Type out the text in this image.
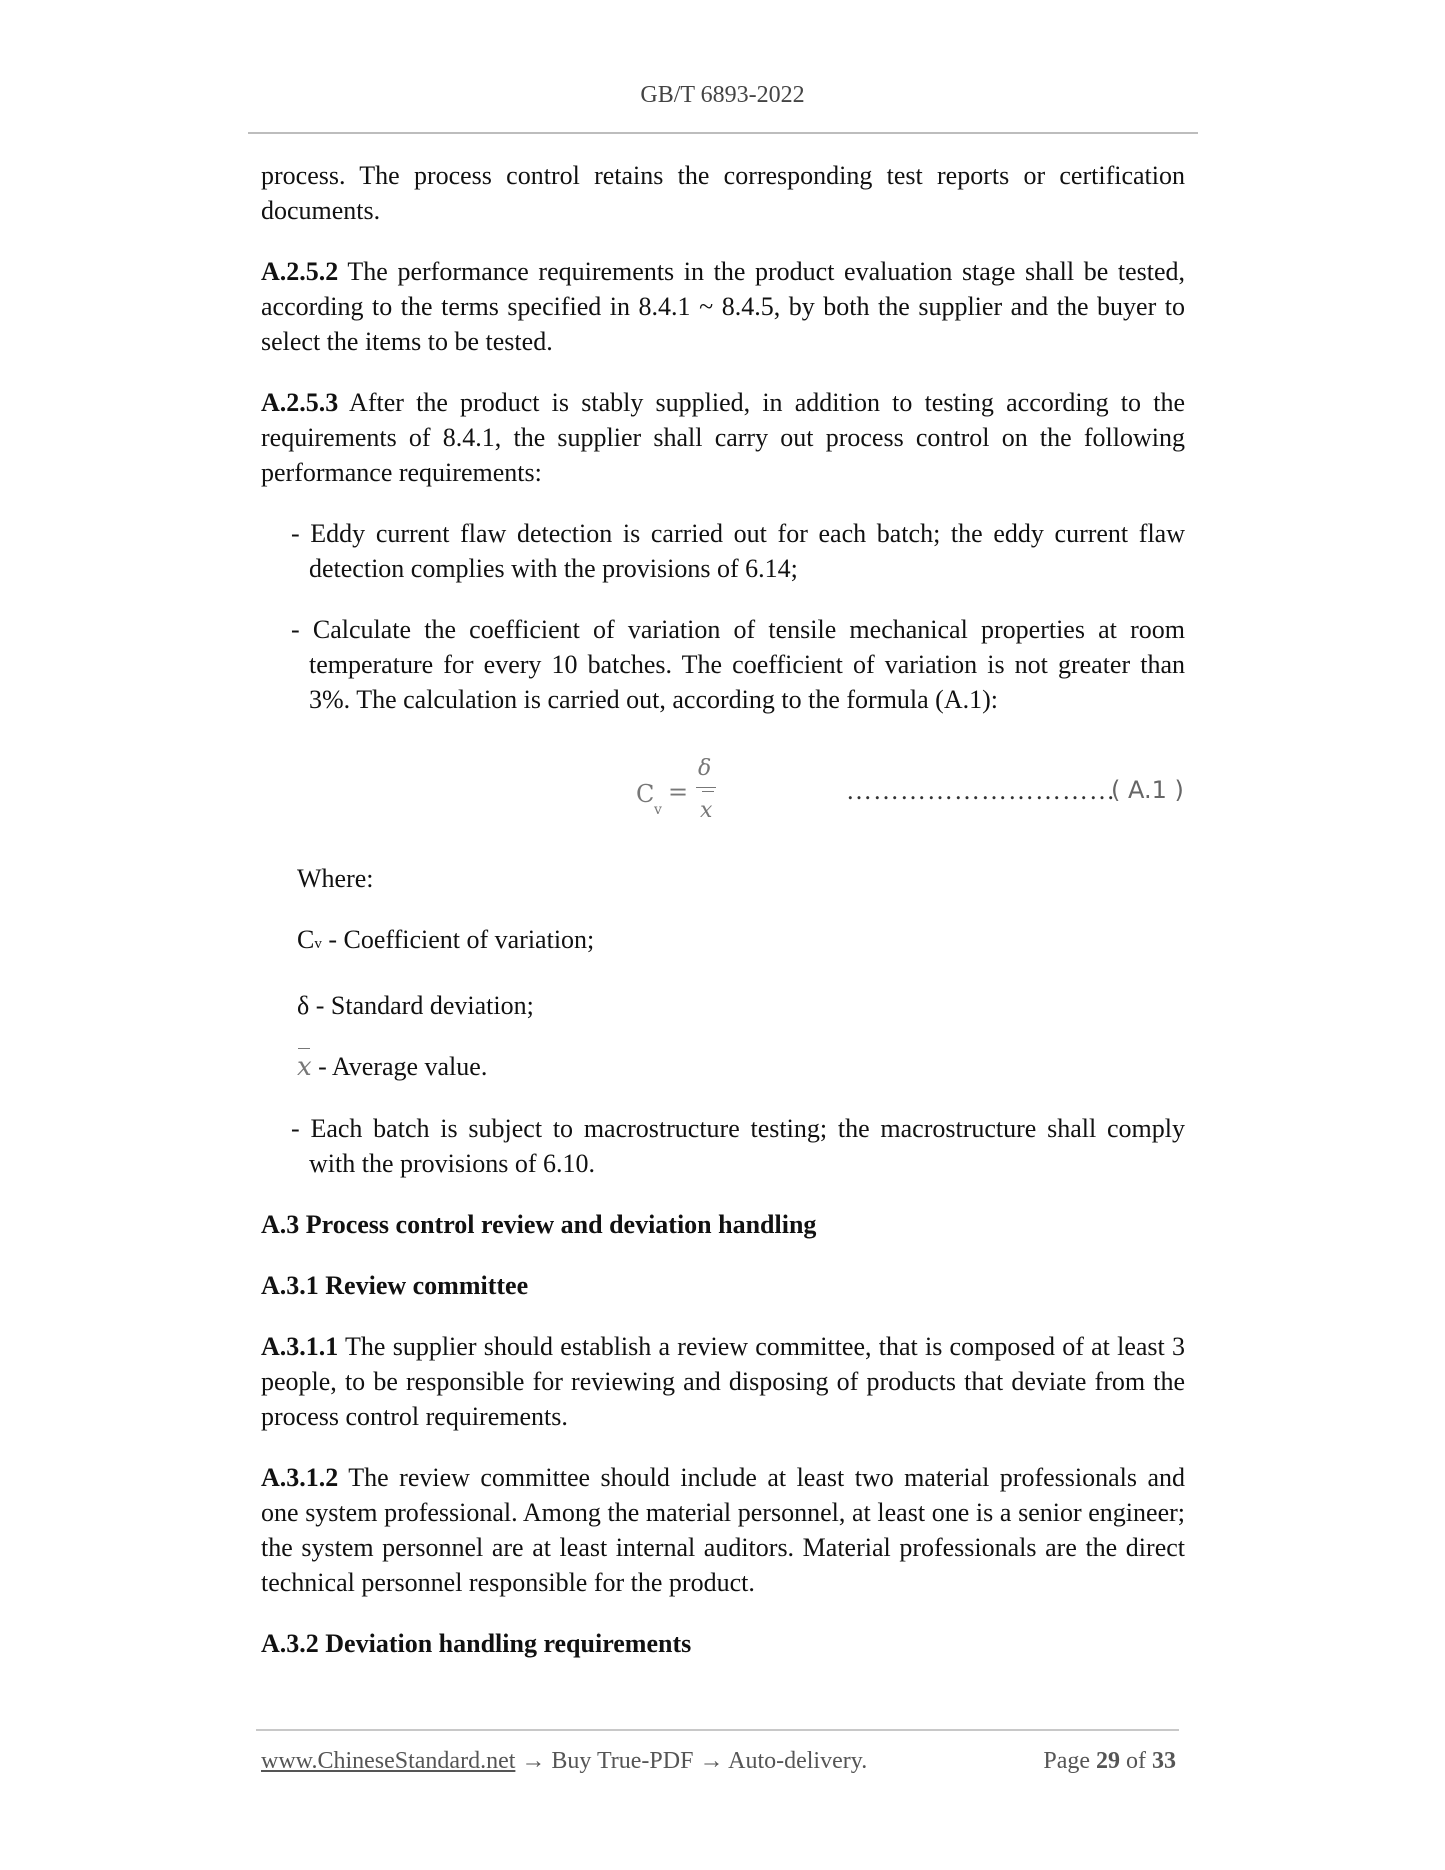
GB/T 6893-2022

process. The process control retains the corresponding test reports or certification documents.

A.2.5.2 The performance requirements in the product evaluation stage shall be tested, according to the terms specified in 8.4.1 ~ 8.4.5, by both the supplier and the buyer to select the items to be tested.

A.2.5.3 After the product is stably supplied, in addition to testing according to the requirements of 8.4.1, the supplier shall carry out process control on the following performance requirements:

- Eddy current flaw detection is carried out for each batch; the eddy current flaw detection complies with the provisions of 6.14;

- Calculate the coefficient of variation of tensile mechanical properties at room temperature for every 10 batches. The coefficient of variation is not greater than 3%. The calculation is carried out, according to the formula (A.1):

C
v
=
δ
x
…………………………
( A.1 )

Where:

Cv - Coefficient of variation;

δ - Standard deviation;

x - Average value.

- Each batch is subject to macrostructure testing; the macrostructure shall comply with the provisions of 6.10.

A.3 Process control review and deviation handling

A.3.1 Review committee

A.3.1.1 The supplier should establish a review committee, that is composed of at least 3 people, to be responsible for reviewing and disposing of products that deviate from the process control requirements.

A.3.1.2 The review committee should include at least two material professionals and one system professional. Among the material personnel, at least one is a senior engineer; the system personnel are at least internal auditors. Material professionals are the direct technical personnel responsible for the product.

A.3.2 Deviation handling requirements

www.ChineseStandard.net → Buy True-PDF → Auto-delivery.	Page 29 of 33
